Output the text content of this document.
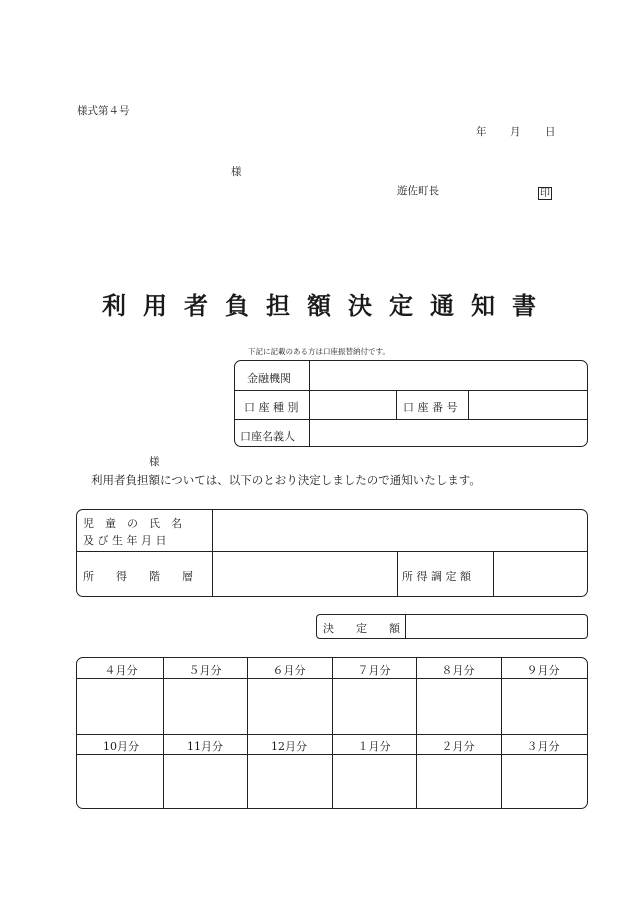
様式第４号
年 月 日
様
遊佐町長	印
利 用 者 負 担 額 決 定 通 知 書
下記に記載のある方は口座振替納付です。
金融機関
口 座 種 別	口 座 番 号
口座名義人
様
利用者負担額については、以下のとおり決定しましたので通知いたします。
児　童　の　氏　名
及 び 生 年 月 日
所　　得　　階　　層	所 得 調 定 額
決　　定　　額
４月分	５月分	６月分	７月分	８月分	９月分
10月分	11月分	12月分	１月分	２月分	３月分
